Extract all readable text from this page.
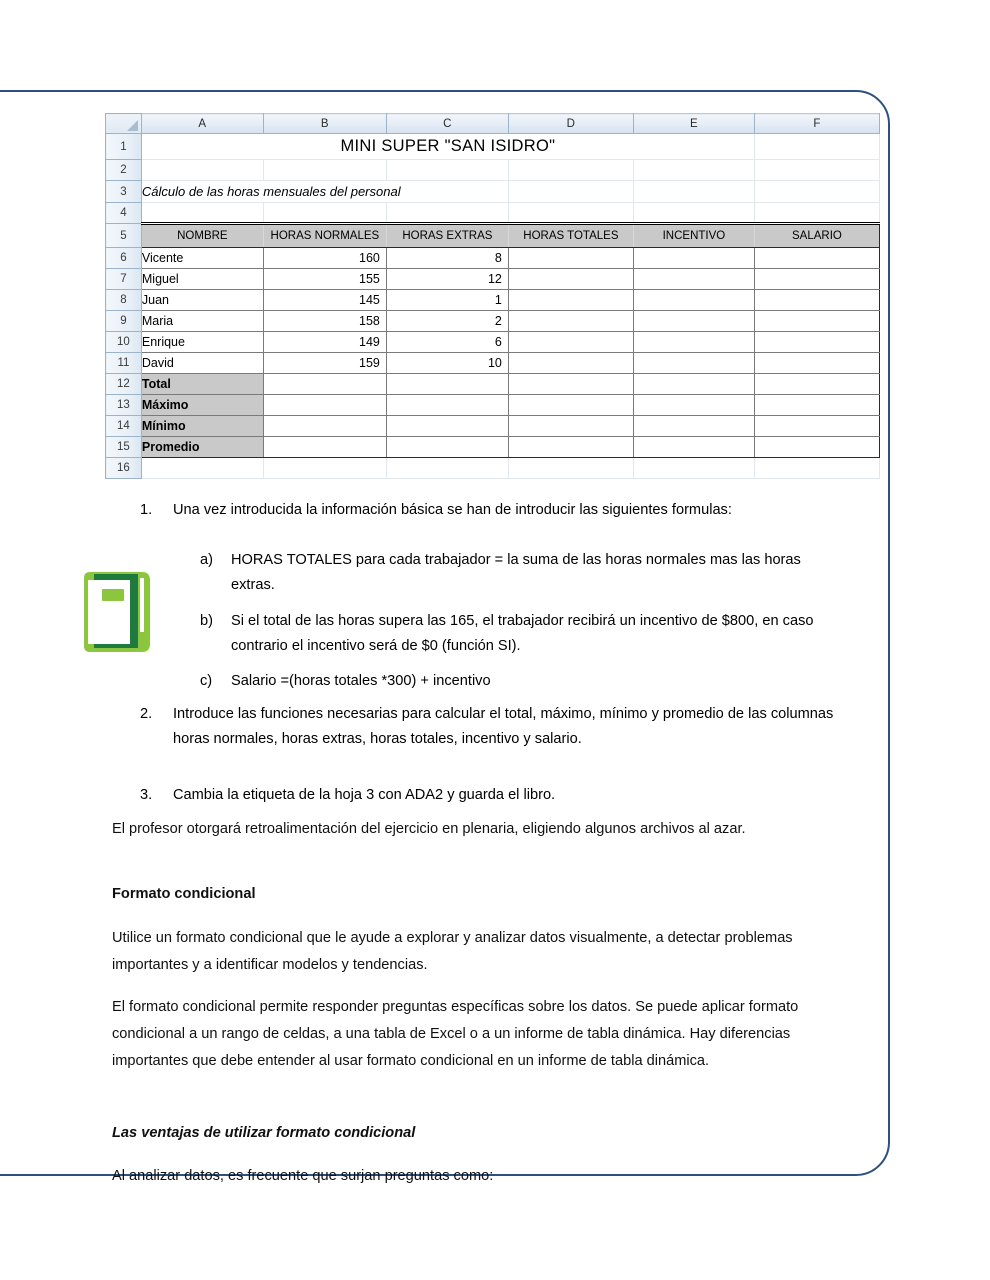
	A	B	C	D	E	F
1	MINI SUPER "SAN ISIDRO"					
2						
3	Cálculo de las horas mensuales del personal					
4						
5	NOMBRE	HORAS NORMALES	HORAS EXTRAS	HORAS TOTALES	INCENTIVO	SALARIO
6	Vicente	160	8			
7	Miguel	155	12			
8	Juan	145	1			
9	Maria	158	2			
10	Enrique	149	6			
11	David	159	10			
12	Total					
13	Máximo					
14	Mínimo					
15	Promedio					
16						
1.	Una vez introducida la información básica se han de introducir las siguientes formulas:
a)	HORAS TOTALES para cada trabajador = la suma de las horas normales mas las horas extras.
b)	Si el total de las horas supera las 165, el trabajador recibirá un incentivo de $800, en caso contrario el incentivo será de $0 (función SI).
c)	Salario =(horas totales *300) + incentivo
2.	Introduce las funciones necesarias para calcular el total, máximo, mínimo y promedio de las columnas horas normales, horas extras, horas totales, incentivo y salario.
3.	Cambia la etiqueta de la hoja 3 con ADA2 y guarda el libro.
El profesor otorgará retroalimentación del ejercicio en plenaria, eligiendo algunos archivos al azar.
Formato condicional
Utilice un formato condicional que le ayude a explorar y analizar datos visualmente, a detectar problemas importantes y a identificar modelos y tendencias.
El formato condicional permite responder preguntas específicas sobre los datos. Se puede aplicar formato condicional a un rango de celdas, a una tabla de Excel o a un informe de tabla dinámica. Hay diferencias importantes que debe entender al usar formato condicional en un informe de tabla dinámica.
Las ventajas de utilizar formato condicional
Al analizar datos, es frecuente que surjan preguntas como:
